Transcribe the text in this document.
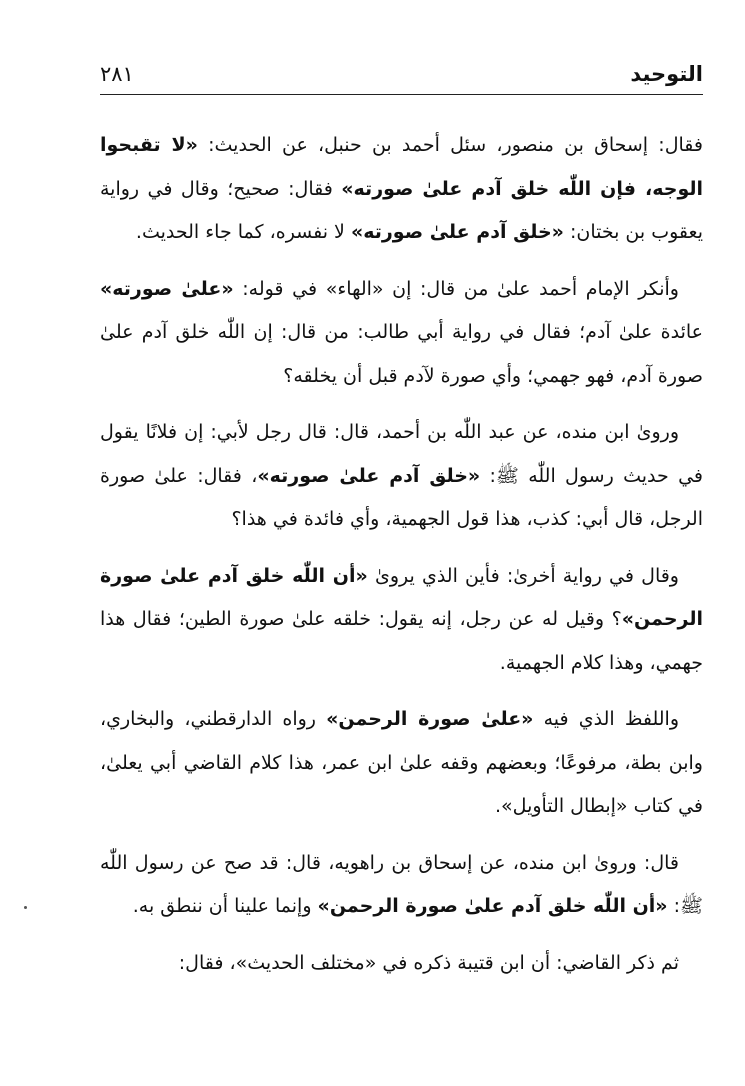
التوحيد
٢٨١

فقال: إسحاق بن منصور، سئل أحمد بن حنبل، عن الحديث: «لا تقبحوا الوجه، فإن اللّٰه خلق آدم علىٰ صورته» فقال: صحيح؛ وقال في رواية يعقوب بن بختان: «خلق آدم علىٰ صورته» لا نفسره، كما جاء الحديث.

وأنكر الإمام أحمد علىٰ من قال: إن «الهاء» في قوله: «علىٰ صورته» عائدة علىٰ آدم؛ فقال في رواية أبي طالب: من قال: إن اللّٰه خلق آدم علىٰ صورة آدم، فهو جهمي؛ وأي صورة لآدم قبل أن يخلقه؟

وروىٰ ابن منده، عن عبد اللّٰه بن أحمد، قال: قال رجل لأبي: إن فلانًا يقول في حديث رسول اللّٰه ﷺ: «خلق آدم علىٰ صورته»، فقال: علىٰ صورة الرجل، قال أبي: كذب، هذا قول الجهمية، وأي فائدة في هذا؟

وقال في رواية أخرىٰ: فأين الذي يروىٰ «أن اللّٰه خلق آدم علىٰ صورة الرحمن»؟ وقيل له عن رجل، إنه يقول: خلقه علىٰ صورة الطين؛ فقال هذا جهمي، وهذا كلام الجهمية.

واللفظ الذي فيه «علىٰ صورة الرحمن» رواه الدارقطني، والبخاري، وابن بطة، مرفوعًا؛ وبعضهم وقفه علىٰ ابن عمر، هذا كلام القاضي أبي يعلىٰ، في كتاب «إبطال التأويل».

قال: وروىٰ ابن منده، عن إسحاق بن راهويه، قال: قد صح عن رسول اللّٰه ﷺ: «أن اللّٰه خلق آدم علىٰ صورة الرحمن» وإنما علينا أن ننطق به.

ثم ذكر القاضي: أن ابن قتيبة ذكره في «مختلف الحديث»، فقال:
